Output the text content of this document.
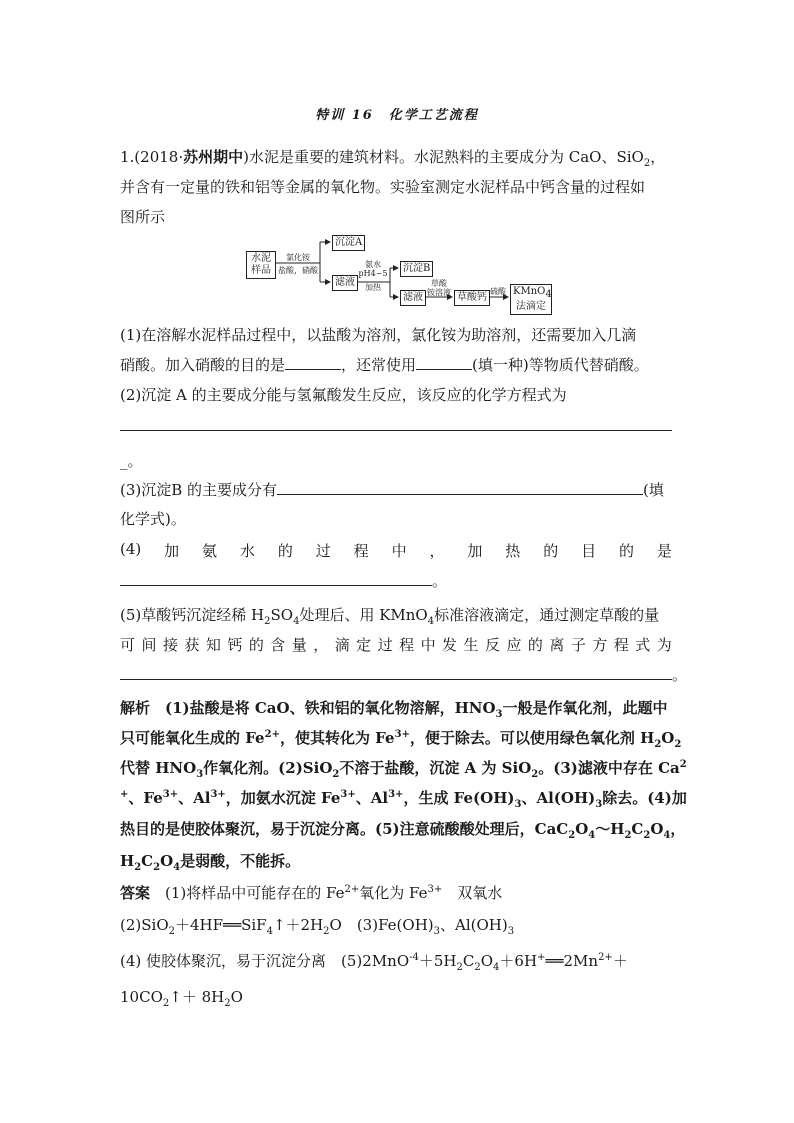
特训 16　化学工艺流程
1.(2018·苏州期中)水泥是重要的建筑材料。水泥熟料的主要成分为 CaO、SiO$_2$，
并含有一定量的铁和铝等金属的氧化物。实验室测定水泥样品中钙含量的过程如
图所示
水泥
样品
氯化铵
盐酸，硝酸
沉淀A
滤液
氨水
pH4~5
加热
沉淀B
滤液
草酸
铵溶液 草酸钙
硫酸 KMnO$_4$
法滴定
(1)在溶解水泥样品过程中，以盐酸为溶剂，氯化铵为助溶剂，还需要加入几滴
硝酸。加入硝酸的目的是	，还常使用	(填一种)等物质代替硝酸。
(2)沉淀 A 的主要成分能与氢氟酸发生反应，该反应的化学方程式为
_。
(3)沉淀B 的主要成分有	(填
化学式)。
(4) 加 氨 水 的 过 程 中 ， 加 热 的 目 的 是
。
(5)草酸钙沉淀经稀 $H_2SO_4$处理后、用 KMnO$_4$标准溶液滴定，通过测定草酸的量
可 间 接 获 知 钙 的 含 量 ， 滴 定 过 程 中 发 生 反 应 的 离 子 方 程 式 为
。
解析　(1)盐酸是将 CaO、铁和铝的氧化物溶解，$HNO_3$一般是作氧化剂，此题中
只可能氧化生成的 $Fe^{2+}$，使其转化为 $Fe^{3+}$，便于除去。可以使用绿色氧化剂 $H_2O_2$
代替 $HNO_3$作氧化剂。(2)SiO$_2$不溶于盐酸，沉淀 A 为 SiO$_2$。(3)滤液中存在 Ca$^2$
+、$Fe^{3+}$、$Al^{3+}$，加氨水沉淀 $Fe^{3+}$、$Al^{3+}$，生成 $Fe(OH)_3$、$Al(OH)_3$除去。(4)加
热目的是使胶体聚沉，易于沉淀分离。(5)注意硫酸酸处理后，$CaC_2O_4\sim H_2C_2O_4$，
$H_2C_2O_4$是弱酸，不能拆。
答案　(1)将样品中可能存在的 $Fe^{2+}$氧化为 $Fe^{3+}$　双氧水
$(2)SiO_2+4HF══SiF_4↑+2H_2O$　$(3)Fe(OH)_3$、$Al(OH)_3$
(4) 使胶体聚沉，易于沉淀分离　$(5)2MnO^{-4}+5H_2C_2O_4+6H^+══2Mn^{2+}+$
$10CO_2↑+ 8H_2O$
